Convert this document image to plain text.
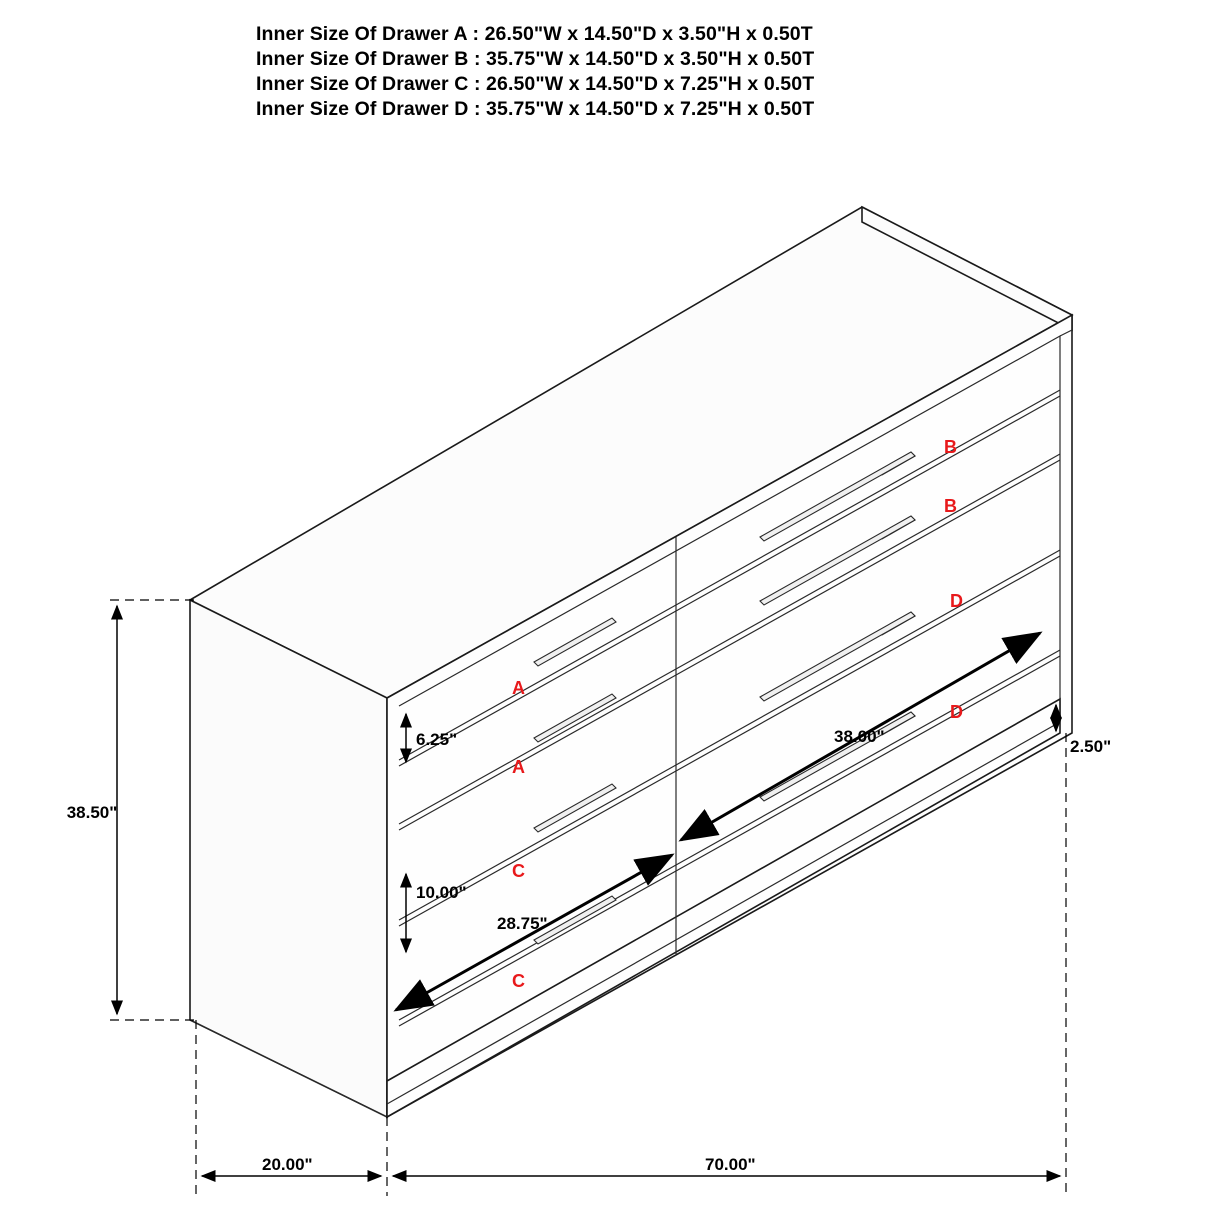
Inner Size Of Drawer A : 26.50"W x 14.50"D x 3.50"H x 0.50T
Inner Size Of Drawer B : 35.75"W x 14.50"D x 3.50"H x 0.50T
Inner Size Of Drawer C : 26.50"W x 14.50"D x 7.25"H x 0.50T
Inner Size Of Drawer D : 35.75"W x 14.50"D x 7.25"H x 0.50T
B
B
D
D
A
A
C
C
38.50"
6.25"
10.00"
2.50"
28.75"
38.00"
20.00"	70.00"
